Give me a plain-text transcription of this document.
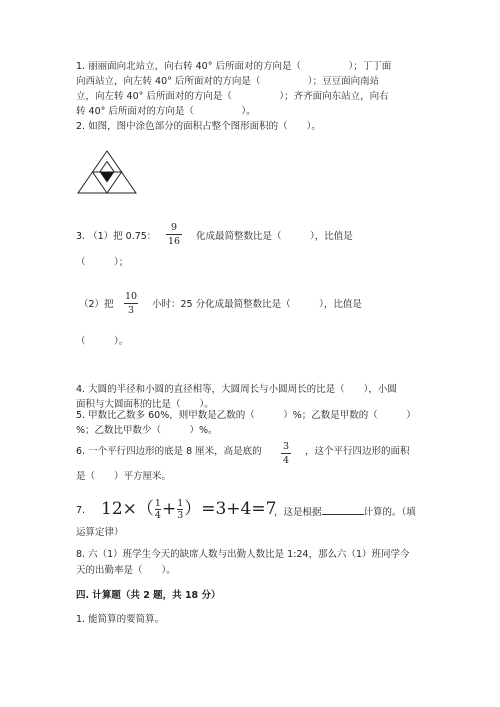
1. 丽丽面向北站立，向右转 40° 后所面对的方向是（　　　　　）；丁丁面
向西站立，向左转 40° 后所面对的方向是（　　　　　）；豆豆面向南站
立，向左转 40° 后所面对的方向是（　　　　　）；齐齐面向东站立，向右
转 40° 后所面对的方向是（　　　　　）。
2. 如图，图中涂色部分的面积占整个图形面积的（　　）。
3. （1）把 0.75：
9
16 化成最简整数比是（　　　），比值是
（　　　）；
（2）把
10
3
小时：25 分化成最简整数比是（　　　），比值是
（　　　）。
4. 大圆的半径和小圆的直径相等，大圆周长与小圆周长的比是（　　），小圆
面积与大圆面积的比是（　　）。
5. 甲数比乙数多 60%，则甲数是乙数的（　　　）%；乙数是甲数的（　　　）
%；乙数比甲数少（　　　）%。
6. 一个平行四边形的底是 8 厘米，高是底的 3
4
，这个平行四边形的面积
是（　　）平方厘米。
7. $12\times(\frac{1}{4}+\frac{1}{3})=3+4=7$
，这是根据	计算的。（填
运算定律）
8. 六（1）班学生今天的缺席人数与出勤人数比是 1:24，那么六（1）班同学今
天的出勤率是（　　）。
四. 计算题（共 2 题，共 18 分）
1. 能简算的要简算。
